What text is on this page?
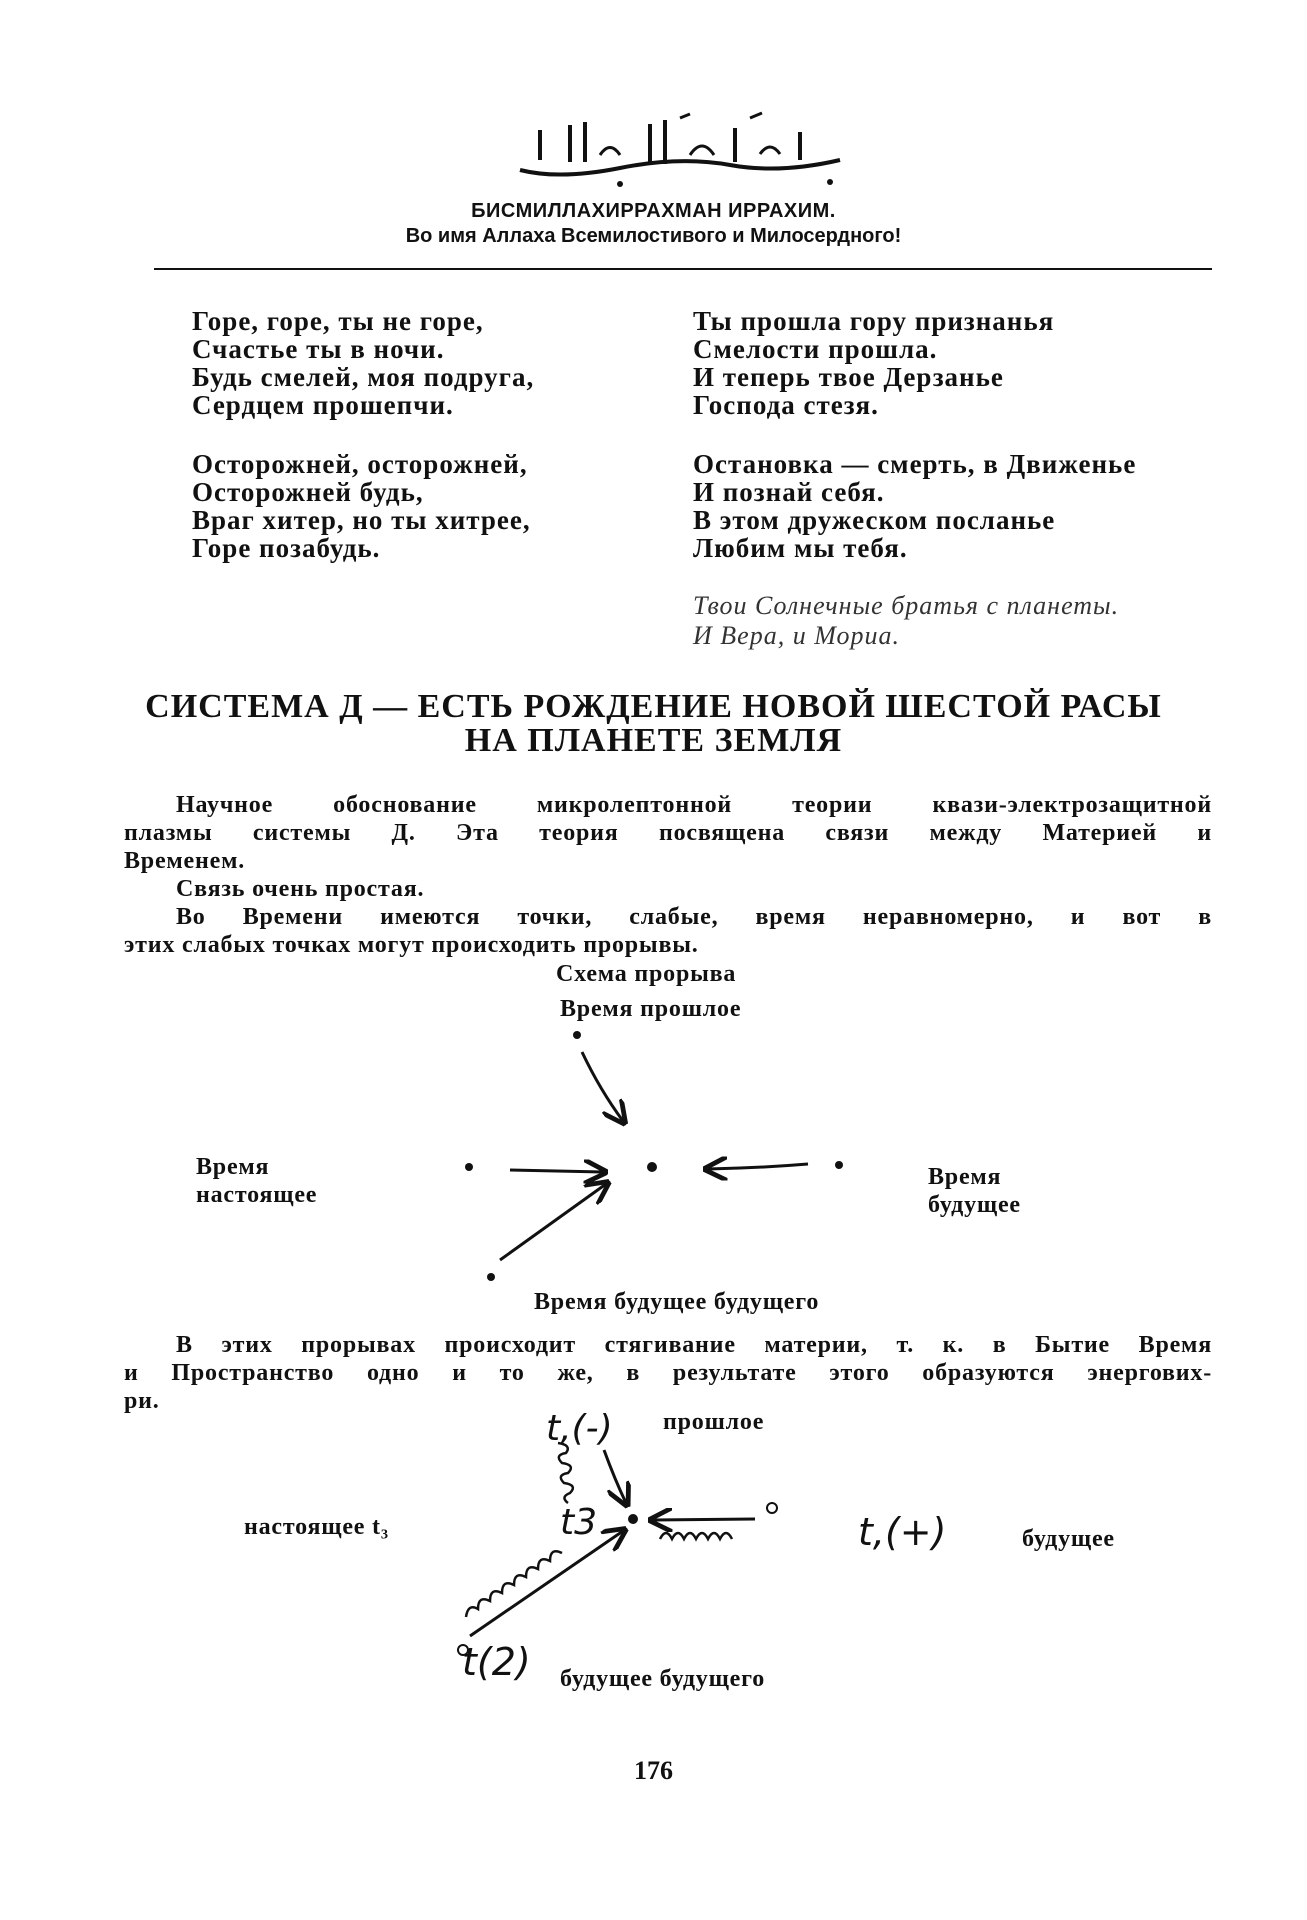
БИСМИЛЛАХИРРАХМАН ИРРАХИМ.
Во имя Аллаха Всемилостивого и Милосердного!
Горе, горе, ты не горе,
Счастье ты в ночи.
Будь смелей, моя подруга,
Сердцем прошепчи.
Осторожней, осторожней,
Осторожней будь,
Враг хитер, но ты хитрее,
Горе позабудь.
Ты прошла гору признанья
Смелости прошла.
И теперь твое Дерзанье
Господа стезя.
Остановка — смерть, в Движенье
И познай себя.
В этом дружеском посланье
Любим мы тебя.
Твои Солнечные братья с планеты.
И Вера, и Мориа.
СИСТЕМА Д — ЕСТЬ РОЖДЕНИЕ НОВОЙ ШЕСТОЙ РАСЫ
НА ПЛАНЕТЕ ЗЕМЛЯ
Научное обоснование микролептонной теории квази-электрозащитной
плазмы системы Д. Эта теория посвящена связи между Материей и
Временем.
Связь очень простая.
Во Времени имеются точки, слабые, время неравномерно, и вот в
этих слабых точках могут происходить прорывы.
Схема прорыва
Время прошлое
Время
настоящее
Время
будущее
Время будущее будущего
В этих прорывах происходит стягивание материи, т. к. в Бытие Время
и Пространство одно и то же, в результате этого образуются энергових-
ри.
t,(-) прошлое
настоящее t₃	t3	t,(+)	будущее
t(2) будущее будущего
176
